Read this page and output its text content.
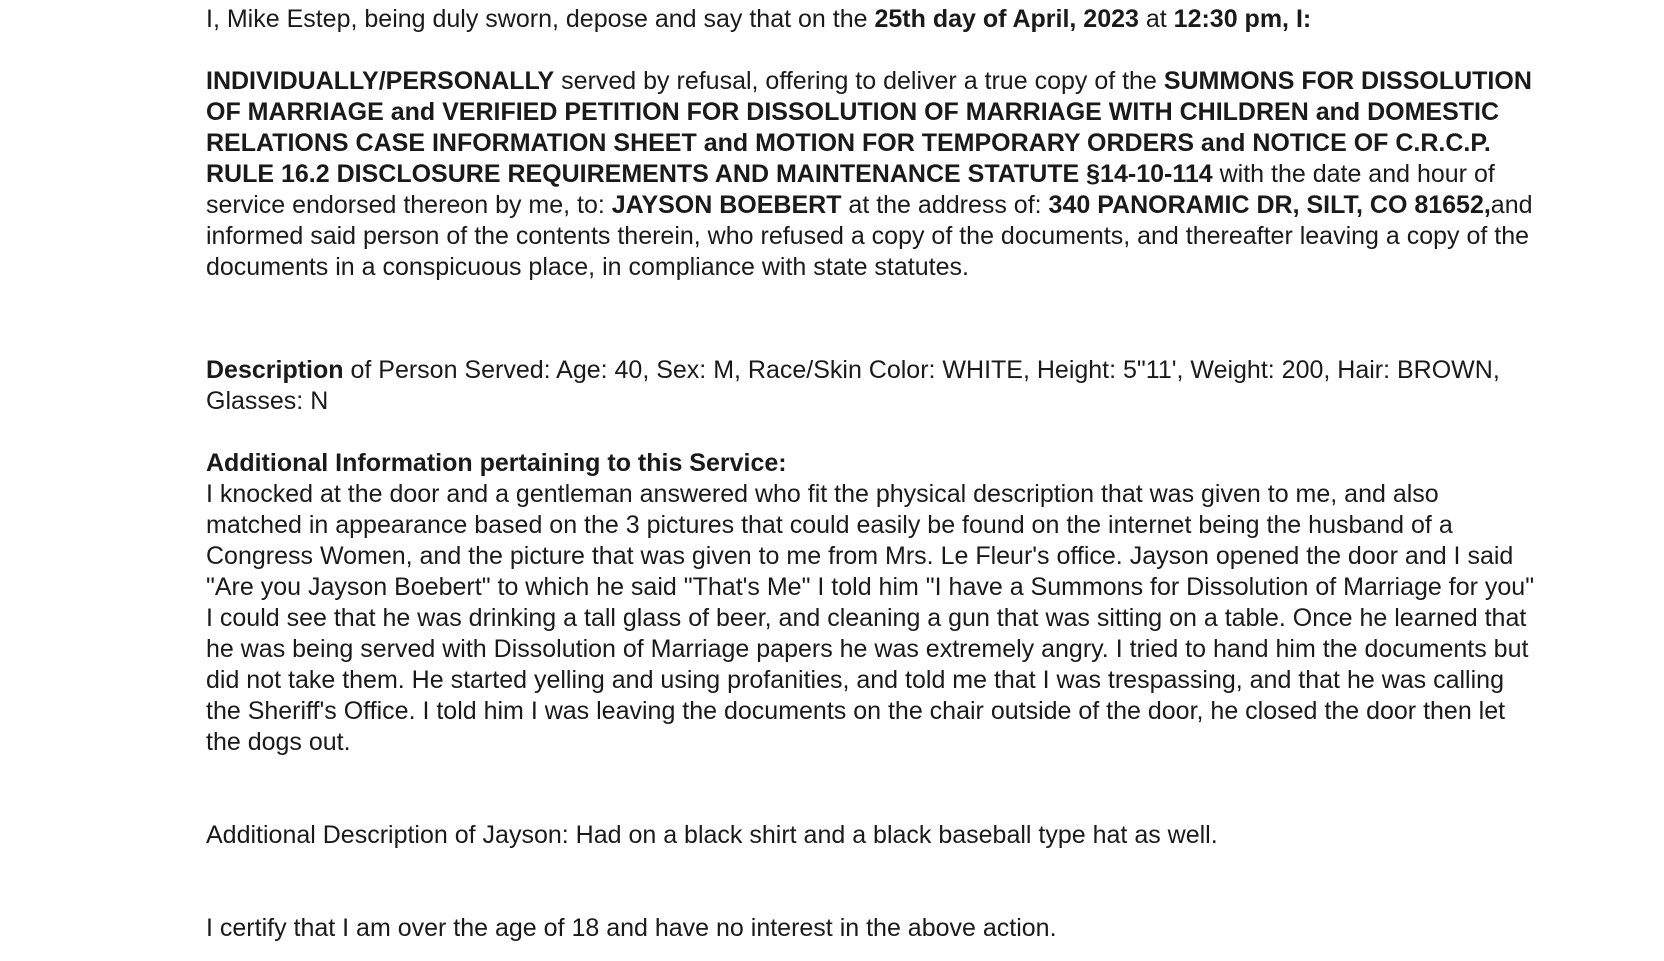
I, Mike Estep, being duly sworn, depose and say that on the 25th day of April, 2023 at 12:30 pm, I:

INDIVIDUALLY/PERSONALLY served by refusal, offering to deliver a true copy of the SUMMONS FOR DISSOLUTION OF MARRIAGE and VERIFIED PETITION FOR DISSOLUTION OF MARRIAGE WITH CHILDREN and DOMESTIC RELATIONS CASE INFORMATION SHEET and MOTION FOR TEMPORARY ORDERS and NOTICE OF C.R.C.P. RULE 16.2 DISCLOSURE REQUIREMENTS AND MAINTENANCE STATUTE §14-10-114 with the date and hour of service endorsed thereon by me, to: JAYSON BOEBERT at the address of: 340 PANORAMIC DR, SILT, CO 81652,and informed said person of the contents therein, who refused a copy of the documents, and thereafter leaving a copy of the documents in a conspicuous place, in compliance with state statutes.

Description of Person Served: Age: 40, Sex: M, Race/Skin Color: WHITE, Height: 5"11', Weight: 200, Hair: BROWN, Glasses: N

Additional Information pertaining to this Service:
I knocked at the door and a gentleman answered who fit the physical description that was given to me, and also matched in appearance based on the 3 pictures that could easily be found on the internet being the husband of a Congress Women, and the picture that was given to me from Mrs. Le Fleur's office. Jayson opened the door and I said "Are you Jayson Boebert" to which he said "That's Me" I told him "I have a Summons for Dissolution of Marriage for you" I could see that he was drinking a tall glass of beer, and cleaning a gun that was sitting on a table. Once he learned that he was being served with Dissolution of Marriage papers he was extremely angry. I tried to hand him the documents but did not take them. He started yelling and using profanities, and told me that I was trespassing, and that he was calling the Sheriff's Office. I told him I was leaving the documents on the chair outside of the door, he closed the door then let the dogs out.

Additional Description of Jayson: Had on a black shirt and a black baseball type hat as well.

I certify that I am over the age of 18 and have no interest in the above action.
